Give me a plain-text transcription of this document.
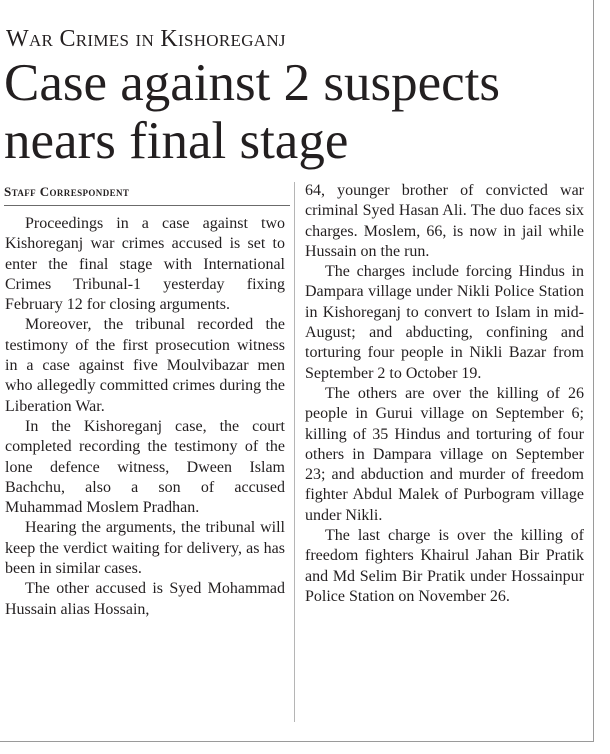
War Crimes in Kishoreganj
Case against 2 suspects nears final stage
Staff Correspondent

Proceedings in a case against two Kishoreganj war crimes accused is set to enter the final stage with International Crimes Tribunal-1 yesterday fixing February 12 for closing arguments.

Moreover, the tribunal recorded the testimony of the first prosecution witness in a case against five Moulvibazar men who allegedly committed crimes during the Liberation War.

In the Kishoreganj case, the court completed recording the testimony of the lone defence witness, Dween Islam Bachchu, also a son of accused Muhammad Moslem Pradhan.

Hearing the arguments, the tribunal will keep the verdict waiting for delivery, as has been in similar cases.

The other accused is Syed Mohammad Hussain alias Hossain,

64, younger brother of convicted war criminal Syed Hasan Ali. The duo faces six charges. Moslem, 66, is now in jail while Hussain on the run.

The charges include forcing Hindus in Dampara village under Nikli Police Station in Kishoreganj to convert to Islam in mid-August; and abducting, confining and torturing four people in Nikli Bazar from September 2 to October 19.

The others are over the killing of 26 people in Gurui village on September 6; killing of 35 Hindus and torturing of four others in Dampara village on September 23; and abduction and murder of freedom fighter Abdul Malek of Purbogram village under Nikli.

The last charge is over the killing of freedom fighters Khairul Jahan Bir Pratik and Md Selim Bir Pratik under Hossainpur Police Station on November 26.
